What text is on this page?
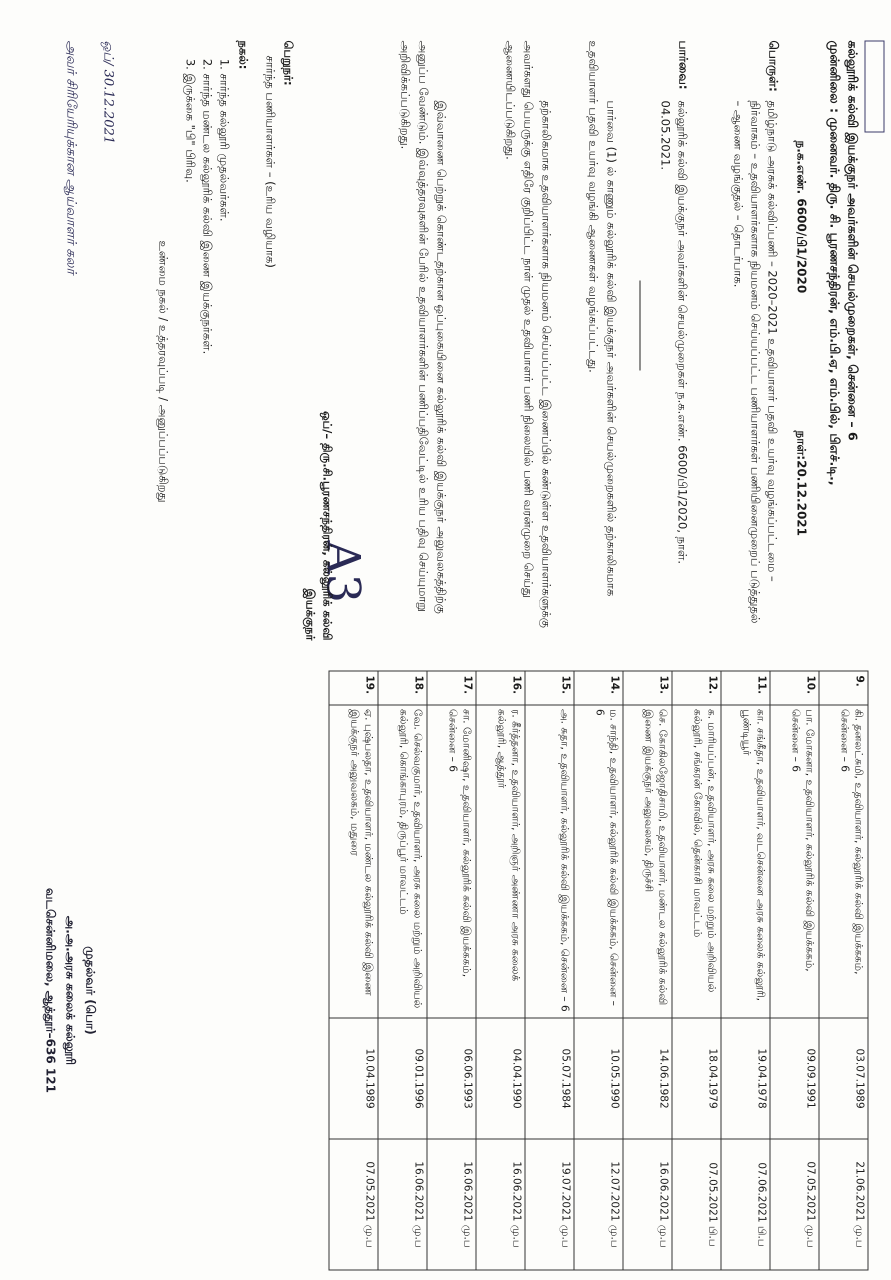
கல்லூரிக் கல்வி இயக்குநர் அவர்களின் செயல்முறைகள், சென்னை – 6
முன்னிலை : முனைவர். திரு. சி. பூரணசந்திரன், எம்.பி.ஏ, எம்.பில், பிஎச்.டி.,
ந.க.எண். 6600/பி1/2020
நாள்:20.12.2021
பொருள்:
தமிழ்நாடு அரசுக் கல்விப்பணி – 2020–2021 உதவியாளர் பதவி உயர்வு வழங்கப்பட்டமை – நிர்வாகம் – உதவியாளர்களாக நியமனம் செய்யப்பட்ட பணியாளர்கள் பணியினைமுறைப் படுத்துதல் – ஆணை வழங்குதல் – தொடர்பாக.
பார்வை:
கல்லூரிக் கல்வி இயக்குநர் அவர்களின் செயல்முறைகள் ந.க.எண். 6600/பி1/2020, நாள். 04.05.2021.
பார்வை (1) ல் காணும் கல்லூரிக் கல்வி இயக்குநர் அவர்களின் செயல்முறைகளில் தற்காலிகமாக உதவியாளர் பதவி உயர்வு வழங்கி ஆணைகள் வழங்கப்பட்டது.
தற்காலிகமாக உதவியாளர்களாக நியமனம் செய்யப்பட்ட இணைப்பில் கண்டுள்ள உதவியாளர்களுக்கு அவர்களது பெயருக்கு எதிரே குறிப்பிட்ட நாள் முதல் உதவியாளர் பணி நிலையில் பணி வரன்முறை செய்து ஆணையிடப்படுகிறது.
இவ்வாணை பெற்றுக் கொண்டதற்கான ஒப்புகையினை கல்லூரிக் கல்வி இயக்குநர் அலுவலகத்திற்கு அனுப்ப வேண்டும். இவ்வுத்தரவுகளின் பேரில் உதவியாளர்களின் பணிப்பதிவேட்டில் உரிய பதிவு செய்யுமாறு அறிவிக்கப்படுகிறது.
A3
ஒப்/– திரு.சி.பூரணசந்திரன், கல்லூரிக் கல்வி இயக்குநர்
பெறுநர்:
சார்ந்த பணியாளர்கள் – (உரிய வழியாக)
நகல்:
1. சார்ந்த கல்லூரி முதல்வர்கள்.
2. சார்ந்த மண்டல கல்லூரிக் கல்வி இணை இயக்குநர்கள்.
3. இருக்கை "பி" பிரிவு.
உண்மை நகல் / உத்தரவுப்படி / அனுப்பப்படுகிறது
ஒப்/ 30.12.2021
அவர் சிரியேரியுக்கான ஆய்வாளர் கலர்
9.	கி. தனலட்சுமி, உதவியாளர், கல்லூரிக் கல்வி இயக்ககம், சென்னை – 6	03.07.1989	21.06.2021 மு.ப
10.	பா. மோகனா, உதவியாளர், கல்லூரிக் கல்வி இயக்ககம், சென்னை – 6	09.09.1991	07.05.2021 மு.ப
11.	கா. சங்கீதா, உதவியாளர், வடசென்னை அரசு கலைக் கல்லூரி, பூண்டியூர்	19.04.1978	07.06.2021 பி.ப
12.	க. மாரியப்பன், உதவியாளர், அரசு கலை மற்றும் அறிவியல் கல்லூரி, சங்கரன் கோவில், தென்காசி மாவட்டம்	18.04.1979	07.05.2021 பி.ப
13.	செ. கோகிலஜோதிசாமி, உதவியாளர், மண்டல கல்லூரிக் கல்வி இணை இயக்குநர் அலுவலகம், திருச்சி	14.06.1982	16.06.2021 மு.ப
14.	ம. சாந்தி, உதவியாளர், கல்லூரிக் கல்வி இயக்ககம், சென்னை – 6	10.05.1990	12.07.2021 மு.ப
15.	அ. சுதா, உதவியாளர், கல்லூரிக் கல்வி இயக்ககம், சென்னை – 6	05.07.1984	19.07.2021 மு.ப
16.	ர. கீர்த்தனா, உதவியாளர், அறிஞர் அண்ணா அரசு கலைக் கல்லூரி, ஆத்தூர்	04.04.1990	16.06.2021 மு.ப
17.	சா. மோனிஷா, உதவியாளர், கல்லூரிக் கல்வி இயக்ககம், சென்னை – 6	06.06.1993	16.06.2021 மு.ப
18.	வே. செல்வகுமார், உதவியாளர், அரசு கலை மற்றும் அறிவியல் கல்லூரி, கொங்காபுரம், திருப்பூர் மாவட்டம்	09.01.1996	16.06.2021 மு.ப
19.	ஏ. புஷ்பலதா, உதவியாளர், மண்டல கல்லூரிக் கல்வி இணை இயக்குநர் அலுவலகம், மதுரை	10.04.1989	07.05.2021 மு.ப
முதல்வர் (பொ)
அ.அ.அரசு கலைக் கல்லூரி
வடசென்னிமலை, ஆத்தூர்–636 121
